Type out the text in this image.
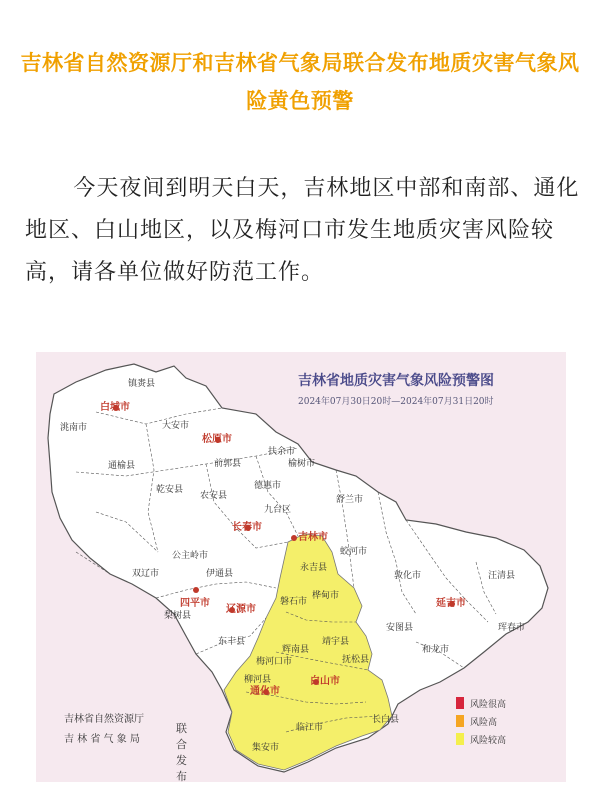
吉林省自然资源厅和吉林省气象局联合发布地质灾害气象风险黄色预警
今天夜间到明天白天，吉林地区中部和南部、通化地区、白山地区，以及梅河口市发生地质灾害风险较高，请各单位做好防范工作。
吉林省地质灾害气象风险预警图
2024年07月30日20时—2024年07月31日20时
白城市
松原市
长春市
吉林市
四平市
辽源市
通化市
白山市
延吉市
镇赉县
洮南市	大安市
通榆县
乾安县
前郭县
扶余市
农安县
德惠市
榆树市
舒兰市
蛟河市
敦化市	汪清县
珲春市
和龙市
安图县
抚松县
长白县
集安市
梅河口市
桦甸市
磐石市
伊通县
双辽市
梨树县
公主岭市
东丰县
柳河县
辉南县
靖宇县
临江市
永吉县
九台区
吉林省自然资源厅
吉 林 省 气 象 局
联合发布
风险很高
风险高
风险较高
